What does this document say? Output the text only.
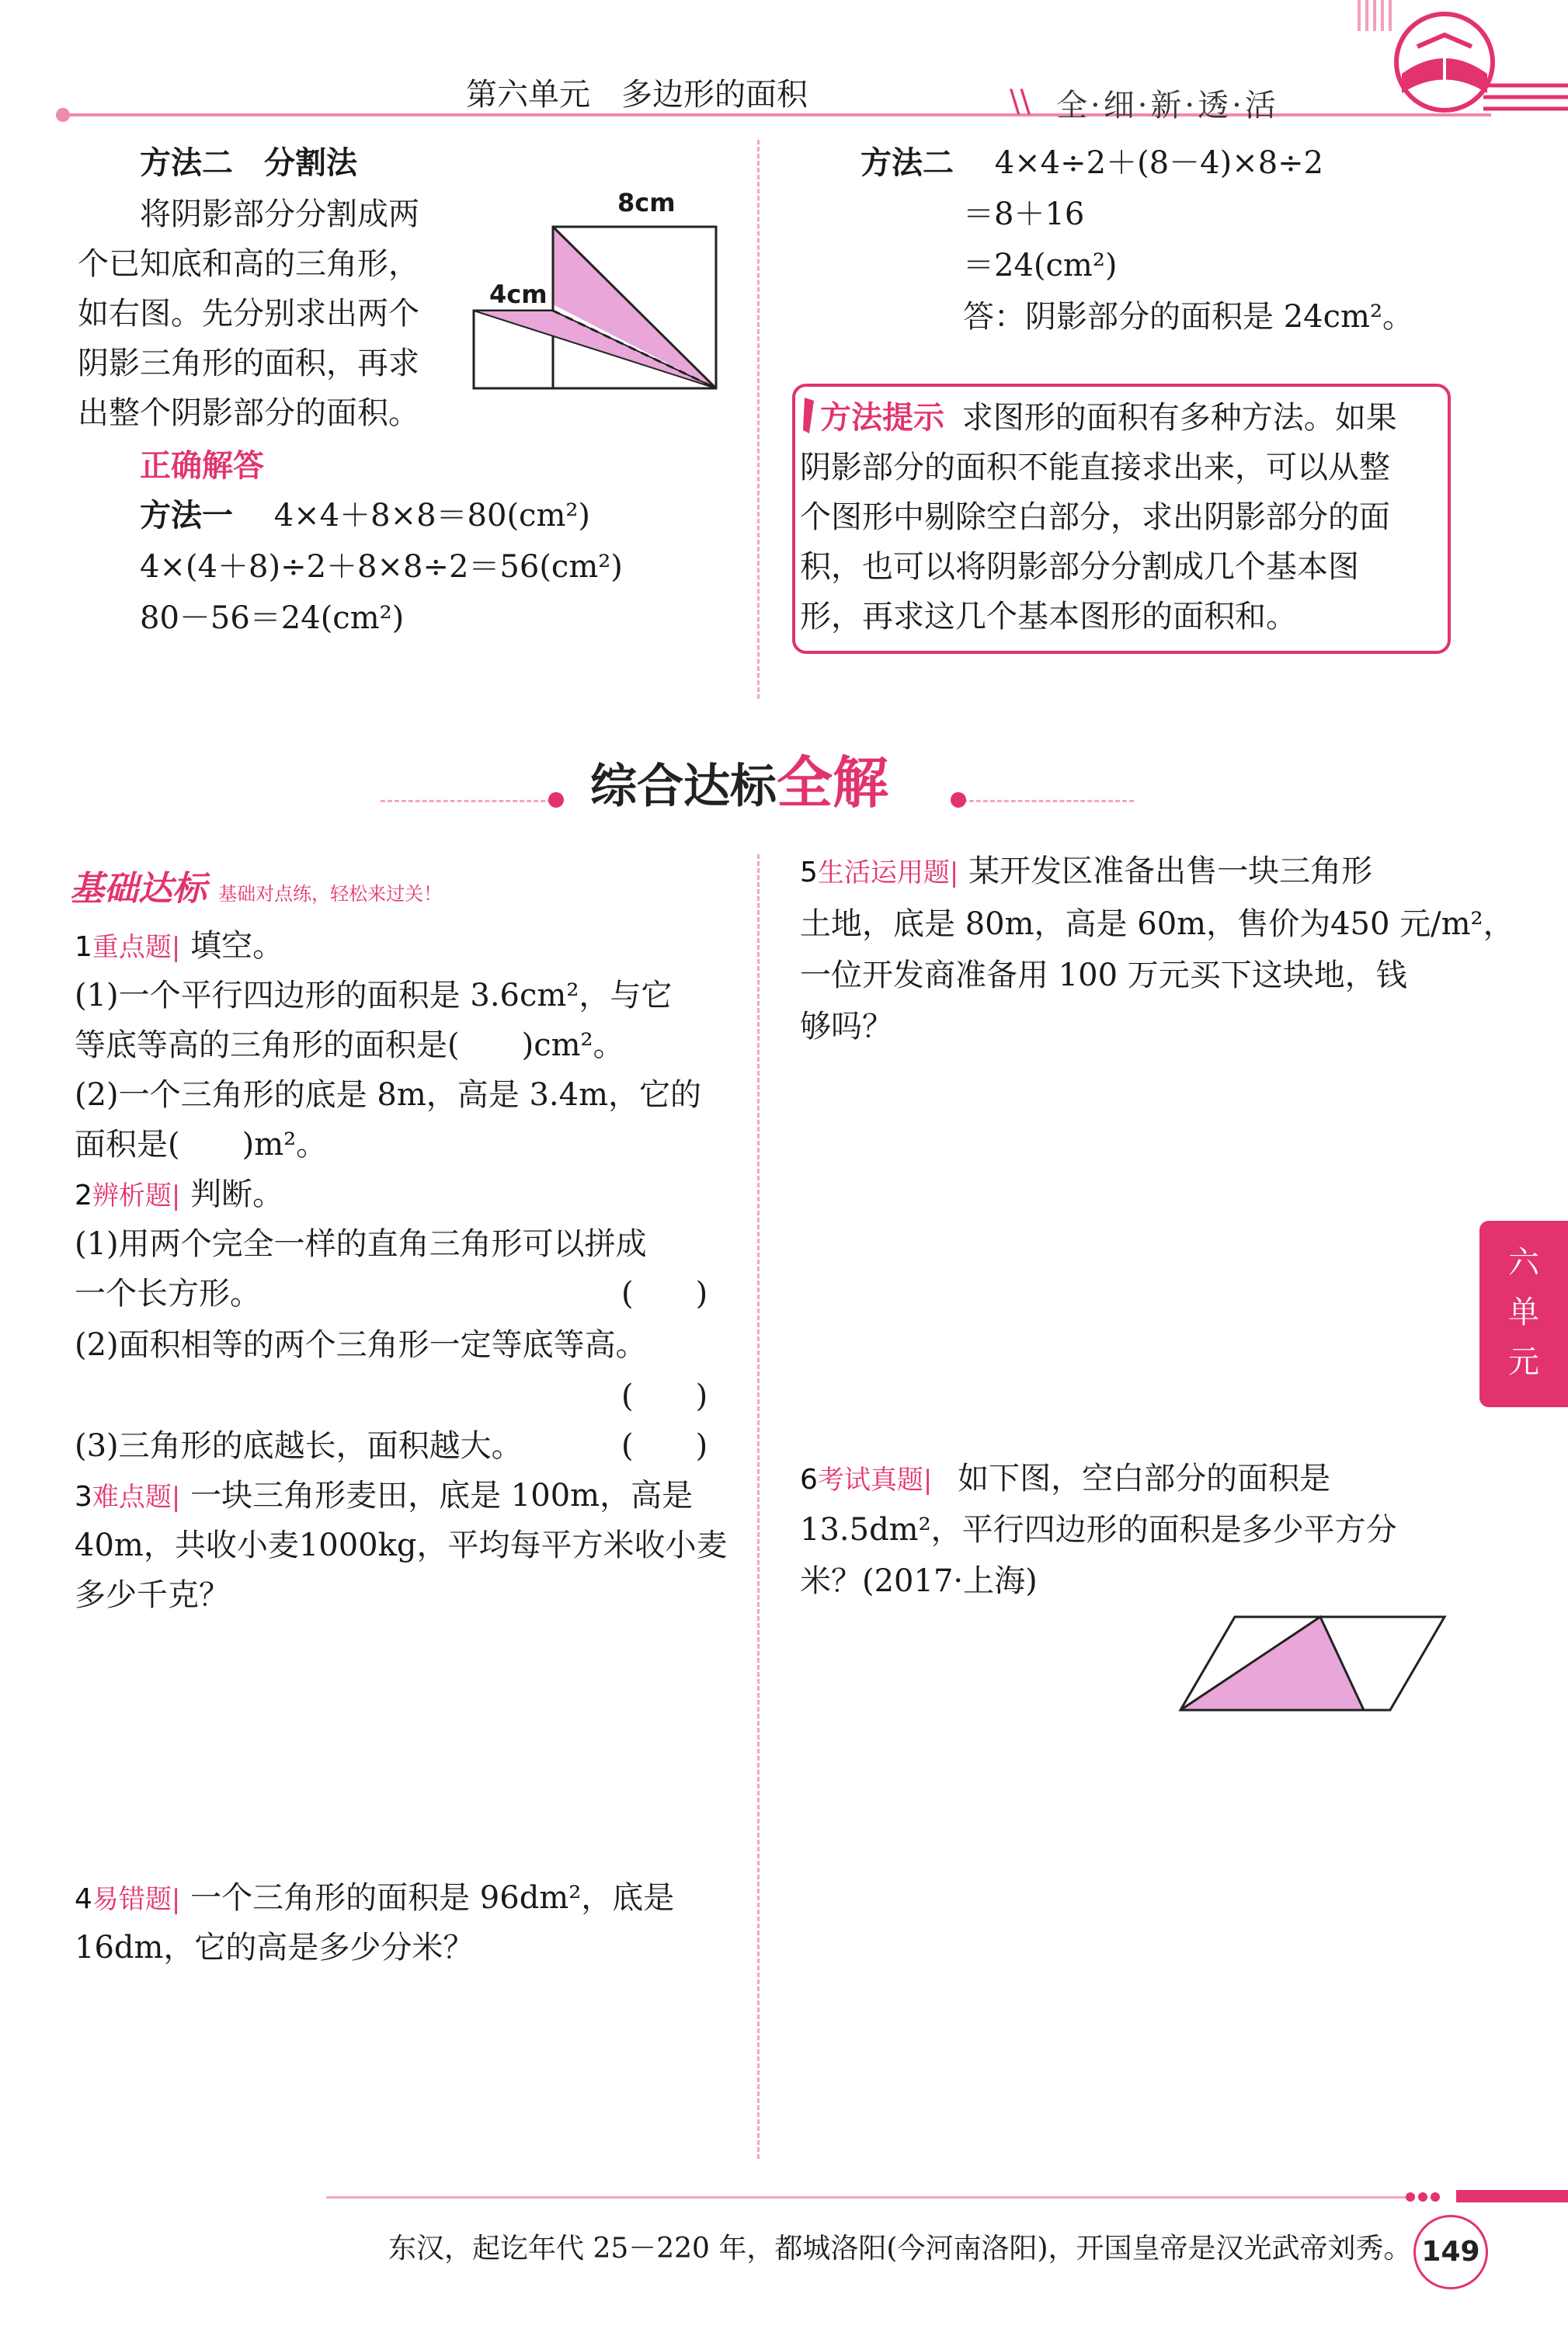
第六单元　多边形的面积	\\ 全·细·新·透·活
方法二　分割法
将阴影部分分割成两
个已知底和高的三角形，
如右图。先分别求出两个
阴影三角形的面积，再求
出整个阴影部分的面积。
8cm
4cm
正确解答
方法一 4×4＋8×8＝80(cm²)
4×(4＋8)÷2＋8×8÷2＝56(cm²)
80－56＝24(cm²)
方法二 4×4÷2＋(8－4)×8÷2
＝8＋16
＝24(cm²)
答：阴影部分的面积是 24cm²。
方法提示 求图形的面积有多种方法。如果
阴影部分的面积不能直接求出来，可以从整
个图形中剔除空白部分，求出阴影部分的面
积，也可以将阴影部分分割成几个基本图
形，再求这几个基本图形的面积和。
综合达标全解
基础达标 基础对点练，轻松来过关！
1重点题| 填空。
(1)一个平行四边形的面积是 3.6cm²，与它
等底等高的三角形的面积是(　　)cm²。
(2)一个三角形的底是 8m，高是 3.4m，它的
面积是(　　)m²。
2辨析题| 判断。
(1)用两个完全一样的直角三角形可以拼成
一个长方形。	(　　)
(2)面积相等的两个三角形一定等底等高。
(　　)
(3)三角形的底越长，面积越大。	(　　)
3难点题| 一块三角形麦田，底是 100m，高是
40m，共收小麦1000kg，平均每平方米收小麦
多少千克？
4易错题| 一个三角形的面积是 96dm²，底是
16dm，它的高是多少分米？
5生活运用题| 某开发区准备出售一块三角形
土地，底是 80m，高是 60m，售价为450 元/m²，
一位开发商准备用 100 万元买下这块地，钱
够吗？
6考试真题| 如下图，空白部分的面积是
13.5dm²，平行四边形的面积是多少平方分
米？(2017·上海)
六
单
元
东汉，起讫年代 25－220 年，都城洛阳(今河南洛阳)，开国皇帝是汉光武帝刘秀。 149
